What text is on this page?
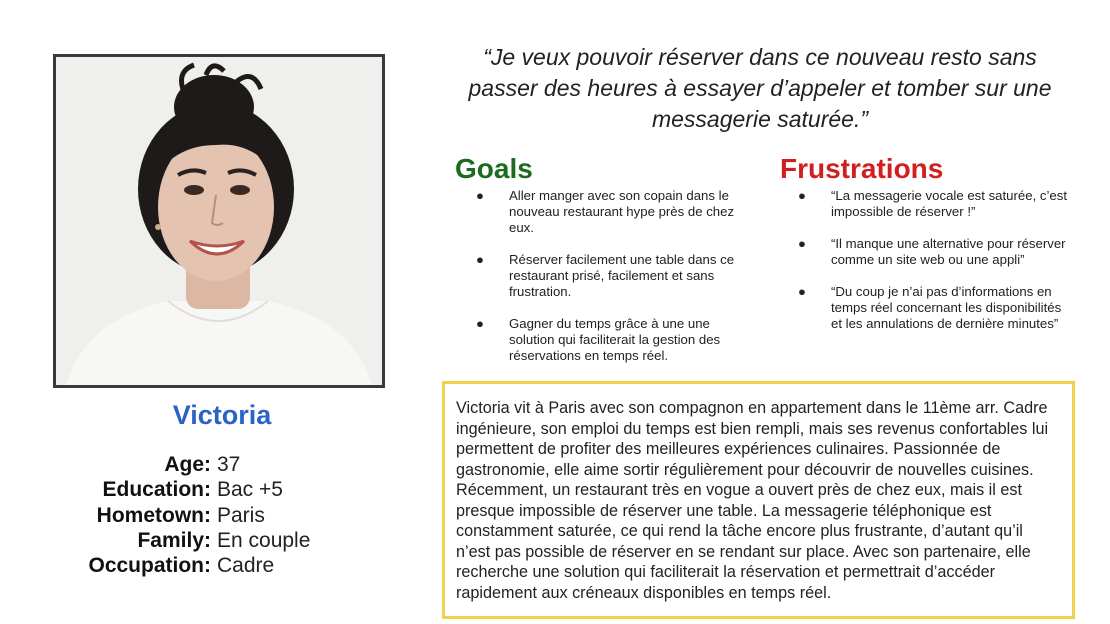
Victoria
Age: 37
Education: Bac +5
Hometown: Paris
Family: En couple
Occupation: Cadre

“Je veux pouvoir réserver dans ce nouveau resto sans passer des heures à essayer d’appeler et tomber sur une messagerie saturée.”

Goals
● Aller manger avec son copain dans le nouveau restaurant hype près de chez eux.
● Réserver facilement une table dans ce restaurant prisé, facilement et sans frustration.
● Gagner du temps grâce à une une solution qui faciliterait la gestion des réservations en temps réel.
Frustrations
● “La messagerie vocale est saturée, c’est impossible de réserver !”
● “Il manque une alternative pour réserver comme un site web ou une appli”
● “Du coup je n’ai pas d’informations en temps réel concernant les disponibilités et les annulations de dernière minutes”

Victoria vit à Paris avec son compagnon en appartement dans le 11ème arr. Cadre ingénieure, son emploi du temps est bien rempli, mais ses revenus confortables lui permettent de profiter des meilleures expériences culinaires. Passionnée de gastronomie, elle aime sortir régulièrement pour découvrir de nouvelles cuisines. Récemment, un restaurant très en vogue a ouvert près de chez eux, mais il est presque impossible de réserver une table. La messagerie téléphonique est constamment saturée, ce qui rend la tâche encore plus frustrante, d’autant qu’il n’est pas possible de réserver en se rendant sur place. Avec son partenaire, elle recherche une solution qui faciliterait la réservation et permettrait d’accéder rapidement aux créneaux disponibles en temps réel.
